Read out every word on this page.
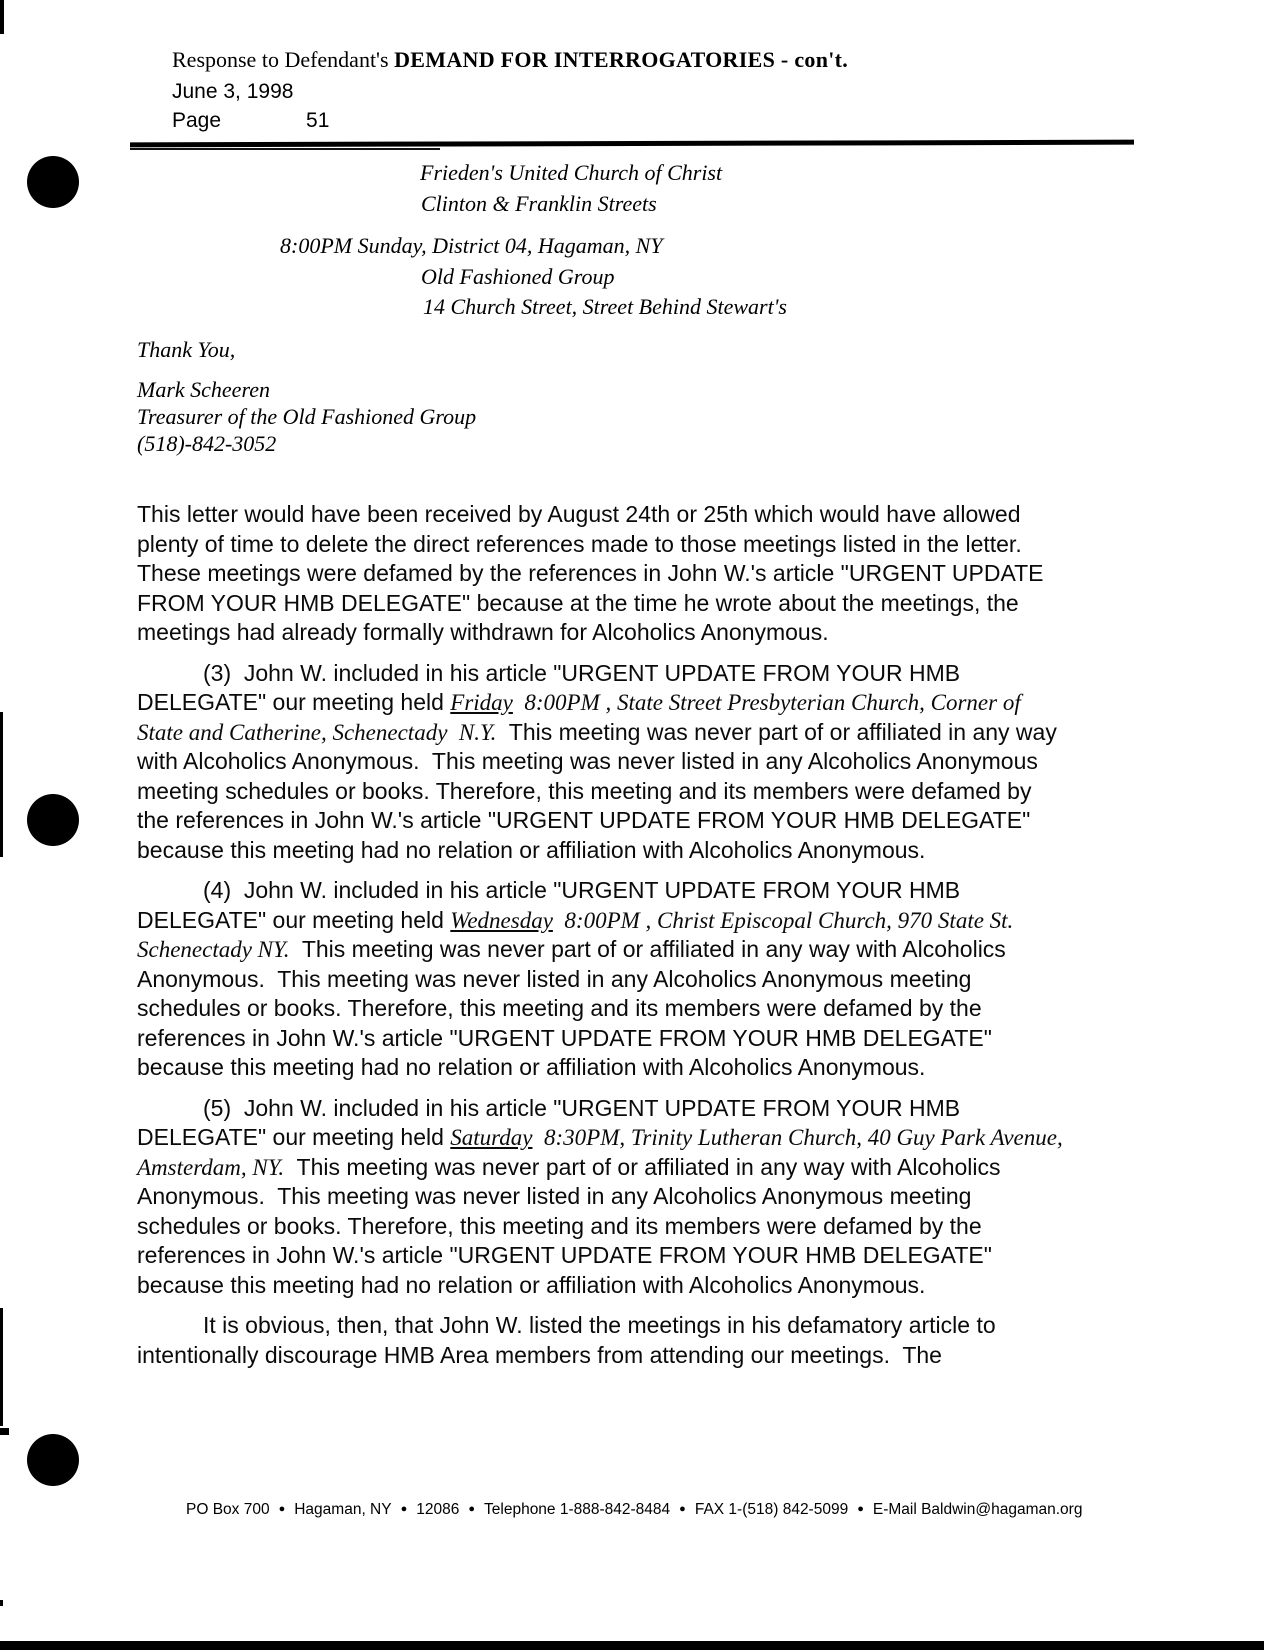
Response to Defendant's DEMAND FOR INTERROGATORIES - con't.
June 3, 1998
Page	51
Frieden's United Church of Christ
Clinton & Franklin Streets
8:00PM Sunday, District 04, Hagaman, NY
Old Fashioned Group
14 Church Street, Street Behind Stewart's
Thank You,
Mark Scheeren
Treasurer of the Old Fashioned Group
(518)-842-3052

This letter would have been received by August 24th or 25th which would have allowed plenty of time to delete the direct references made to those meetings listed in the letter. These meetings were defamed by the references in John W.'s article "URGENT UPDATE FROM YOUR HMB DELEGATE" because at the time he wrote about the meetings, the meetings had already formally withdrawn for Alcoholics Anonymous.

(3)  John W. included in his article "URGENT UPDATE FROM YOUR HMB DELEGATE" our meeting held Friday  8:00PM , State Street Presbyterian Church, Corner of State and Catherine, Schenectady  N.Y.  This meeting was never part of or affiliated in any way with Alcoholics Anonymous.  This meeting was never listed in any Alcoholics Anonymous meeting schedules or books. Therefore, this meeting and its members were defamed by the references in John W.'s article "URGENT UPDATE FROM YOUR HMB DELEGATE" because this meeting had no relation or affiliation with Alcoholics Anonymous.

(4)  John W. included in his article "URGENT UPDATE FROM YOUR HMB DELEGATE" our meeting held Wednesday  8:00PM , Christ Episcopal Church, 970 State St. Schenectady NY.  This meeting was never part of or affiliated in any way with Alcoholics Anonymous.  This meeting was never listed in any Alcoholics Anonymous meeting schedules or books. Therefore, this meeting and its members were defamed by the references in John W.'s article "URGENT UPDATE FROM YOUR HMB DELEGATE" because this meeting had no relation or affiliation with Alcoholics Anonymous.

(5)  John W. included in his article "URGENT UPDATE FROM YOUR HMB DELEGATE" our meeting held Saturday  8:30PM, Trinity Lutheran Church, 40 Guy Park Avenue, Amsterdam, NY.  This meeting was never part of or affiliated in any way with Alcoholics Anonymous.  This meeting was never listed in any Alcoholics Anonymous meeting schedules or books. Therefore, this meeting and its members were defamed by the references in John W.'s article "URGENT UPDATE FROM YOUR HMB DELEGATE" because this meeting had no relation or affiliation with Alcoholics Anonymous.

It is obvious, then, that John W. listed the meetings in his defamatory article to intentionally discourage HMB Area members from attending our meetings.  The

PO Box 700 ● Hagaman, NY ● 12086 ● Telephone 1-888-842-8484 ● FAX 1-(518) 842-5099 ● E-Mail Baldwin@hagaman.org
